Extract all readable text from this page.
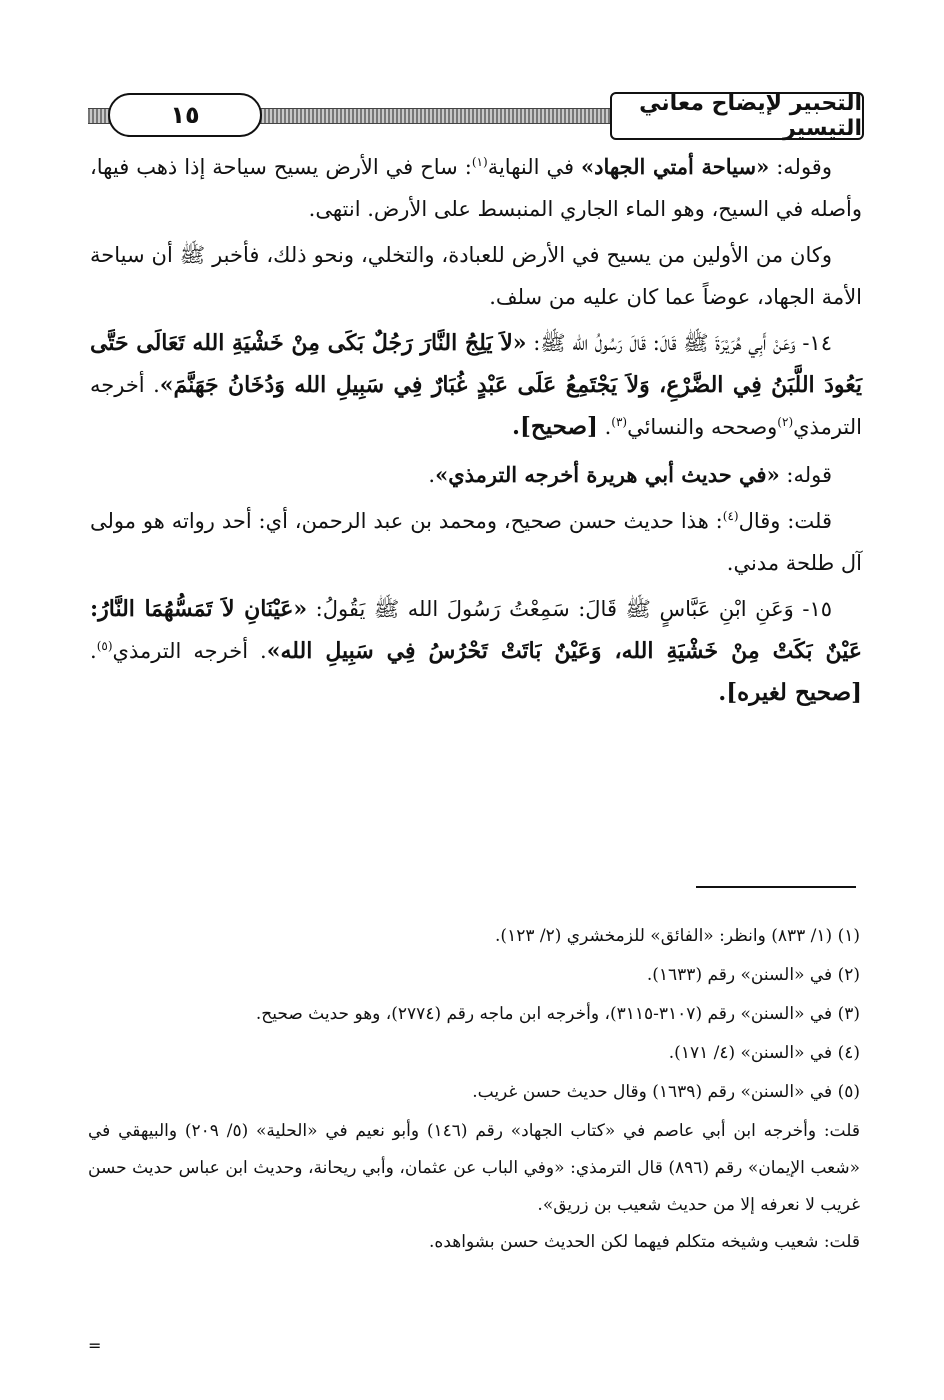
١٥	التحبير لإيضاح معاني التيسير

وقوله: «سياحة أمتي الجهاد» في النهاية$^{(١)}$: ساح في الأرض يسيح سياحة إذا ذهب فيها، وأصله في السيح، وهو الماء الجاري المنبسط على الأرض. انتهى.

وكان من الأولين من يسيح في الأرض للعبادة، والتخلي، ونحو ذلك، فأخبر ﷺ أن سياحة الأمة الجهاد، عوضاً عما كان عليه من سلف.

١٤- وَعَنْ أَبِي هُرَيْرَةَ ﷺ قَالَ: قَالَ رَسُولُ الله ﷺ: «لاَ يَلِجُ النَّارَ رَجُلٌ بَكَى مِنْ خَشْيَةِ الله تَعَالَى حَتَّى يَعُودَ اللَّبَنُ فِي الضَّرْعِ، وَلاَ يَجْتَمِعُ عَلَى عَبْدٍ غُبَارٌ فِي سَبِيلِ الله وَدُخَانُ جَهَنَّمَ». أخرجه الترمذي$^{(٢)}$وصححه والنسائي$^{(٣)}$. [صحيح].

قوله: «في حديث أبي هريرة أخرجه الترمذي».

قلت: وقال$^{(٤)}$: هذا حديث حسن صحيح، ومحمد بن عبد الرحمن، أي: أحد رواته هو مولى آل طلحة مدني.

١٥- وَعَنِ ابْنِ عَبَّاسٍ ﷺ قَالَ: سَمِعْتُ رَسُولَ الله ﷺ يَقُولُ: «عَيْنَانِ لاَ تَمَسُّهُمَا النَّارُ: عَيْنٌ بَكَتْ مِنْ خَشْيَةِ الله، وَعَيْنٌ بَاتَتْ تَحْرُسُ فِي سَبِيلِ الله». أخرجه الترمذي$^{(٥)}$. [صحيح لغيره].

(١) (١/ ٨٣٣) وانظر: «الفائق» للزمخشري (٢/ ١٢٣).

(٢) في «السنن» رقم (١٦٣٣).

(٣) في «السنن» رقم (٣١٠٧-٣١١٥)، وأخرجه ابن ماجه رقم (٢٧٧٤)، وهو حديث صحيح.

(٤) في «السنن» (٤/ ١٧١).

(٥) في «السنن» رقم (١٦٣٩) وقال حديث حسن غريب.

قلت: وأخرجه ابن أبي عاصم في «كتاب الجهاد» رقم (١٤٦) وأبو نعيم في «الحلية» (٥/ ٢٠٩) والبيهقي في «شعب الإيمان» رقم (٨٩٦) قال الترمذي: «وفي الباب عن عثمان، وأبي ريحانة، وحديث ابن عباس حديث حسن غريب لا نعرفه إلا من حديث شعيب بن زريق».

قلت: شعيب وشيخه متكلم فيهما لكن الحديث حسن بشواهده.

=
